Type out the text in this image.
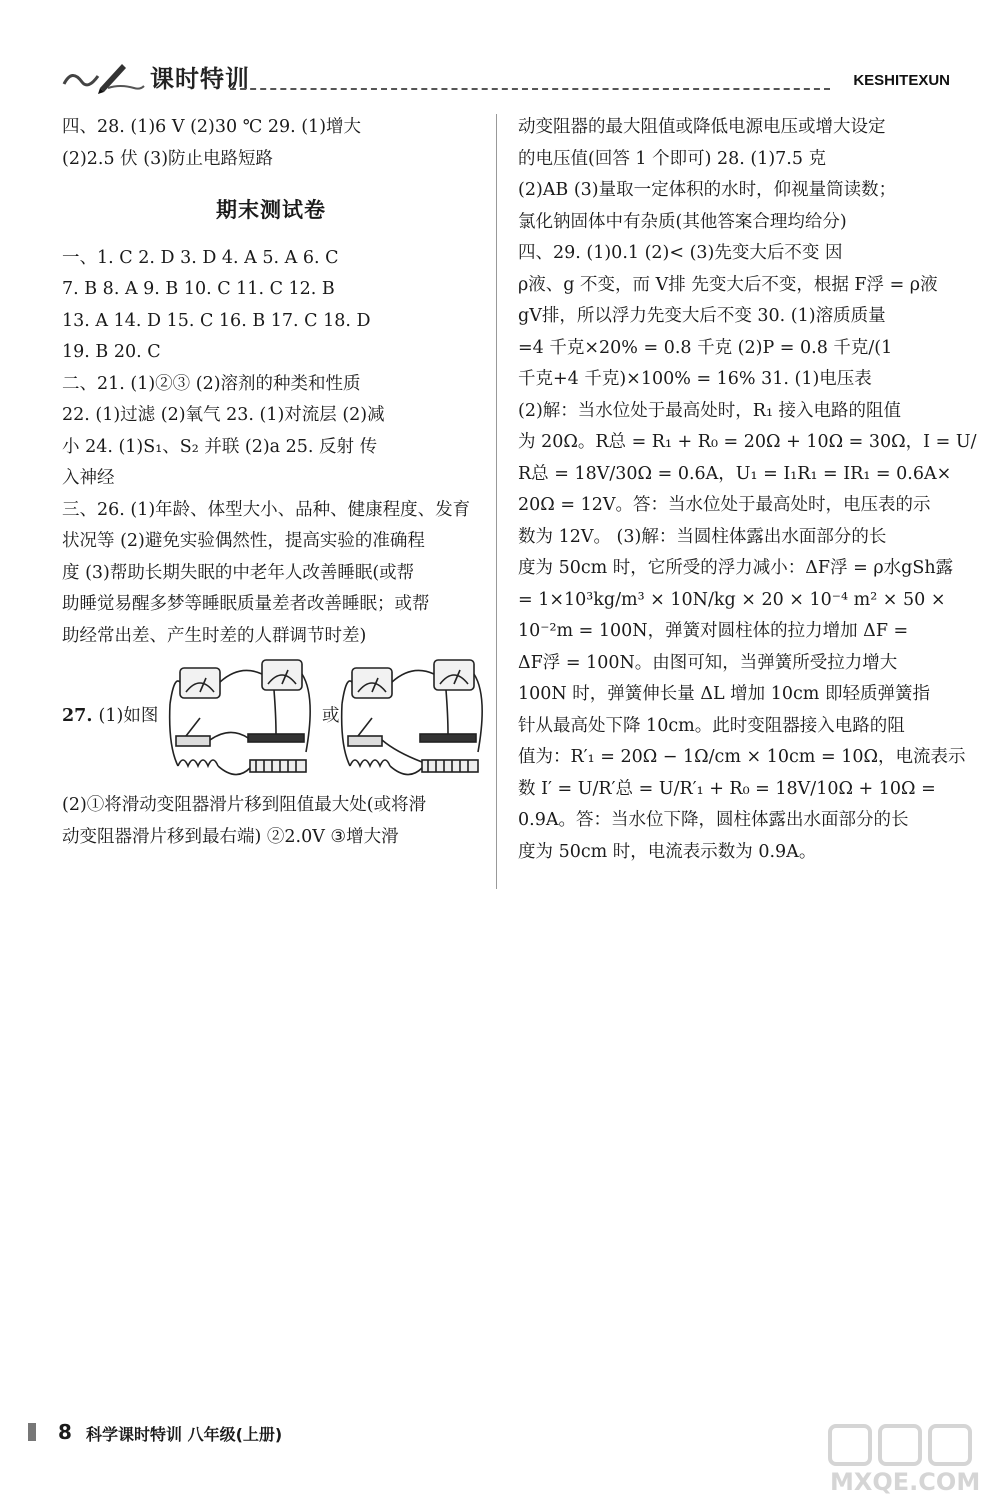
课时特训	KESHITEXUN
四、28. (1)6 V (2)30 ℃ 29. (1)增大
(2)2.5 伏 (3)防止电路短路
期末测试卷
一、1. C 2. D 3. D 4. A 5. A 6. C
7. B 8. A 9. B 10. C 11. C 12. B
13. A 14. D 15. C 16. B 17. C 18. D
19. B 20. C
二、21. (1)②③ (2)溶剂的种类和性质
22. (1)过滤 (2)氧气 23. (1)对流层 (2)减
小 24. (1)S₁、S₂ 并联 (2)a 25. 反射 传
入神经
三、26. (1)年龄、体型大小、品种、健康程度、发育
状况等 (2)避免实验偶然性，提高实验的准确程
度 (3)帮助长期失眠的中老年人改善睡眠(或帮
助睡觉易醒多梦等睡眠质量差者改善睡眠；或帮
助经常出差、产生时差的人群调节时差)
27. (1)如图	或
(2)①将滑动变阻器滑片移到阻值最大处(或将滑
动变阻器滑片移到最右端) ②2.0V ③增大滑
动变阻器的最大阻值或降低电源电压或增大设定
的电压值(回答 1 个即可) 28. (1)7.5 克
(2)AB (3)量取一定体积的水时，仰视量筒读数；
氯化钠固体中有杂质(其他答案合理均给分)
四、29. (1)0.1 (2)< (3)先变大后不变 因
ρ液、g 不变，而 V排 先变大后不变，根据 F浮 = ρ液
gV排，所以浮力先变大后不变 30. (1)溶质质量
=4 千克×20% = 0.8 千克 (2)P = 0.8 千克/(1
千克+4 千克)×100% = 16% 31. (1)电压表
(2)解：当水位处于最高处时，R₁ 接入电路的阻值
为 20Ω。R总 = R₁ + R₀ = 20Ω + 10Ω = 30Ω，I = U/
R总 = 18V/30Ω = 0.6A，U₁ = I₁R₁ = IR₁ = 0.6A×
20Ω = 12V。答：当水位处于最高处时，电压表的示
数为 12V。 (3)解：当圆柱体露出水面部分的长
度为 50cm 时，它所受的浮力减小：ΔF浮 = ρ水gSh露
= 1×10³kg/m³ × 10N/kg × 20 × 10⁻⁴ m² × 50 ×
10⁻²m = 100N，弹簧对圆柱体的拉力增加 ΔF =
ΔF浮 = 100N。由图可知，当弹簧所受拉力增大
100N 时，弹簧伸长量 ΔL 增加 10cm 即轻质弹簧指
针从最高处下降 10cm。此时变阻器接入电路的阻
值为：R′₁ = 20Ω − 1Ω/cm × 10cm = 10Ω，电流表示
数 I′ = U/R′总 = U/R′₁ + R₀ = 18V/10Ω + 10Ω =
0.9A。答：当水位下降，圆柱体露出水面部分的长
度为 50cm 时，电流表示数为 0.9A。
8 科学课时特训 八年级(上册)
MXQE.COM
